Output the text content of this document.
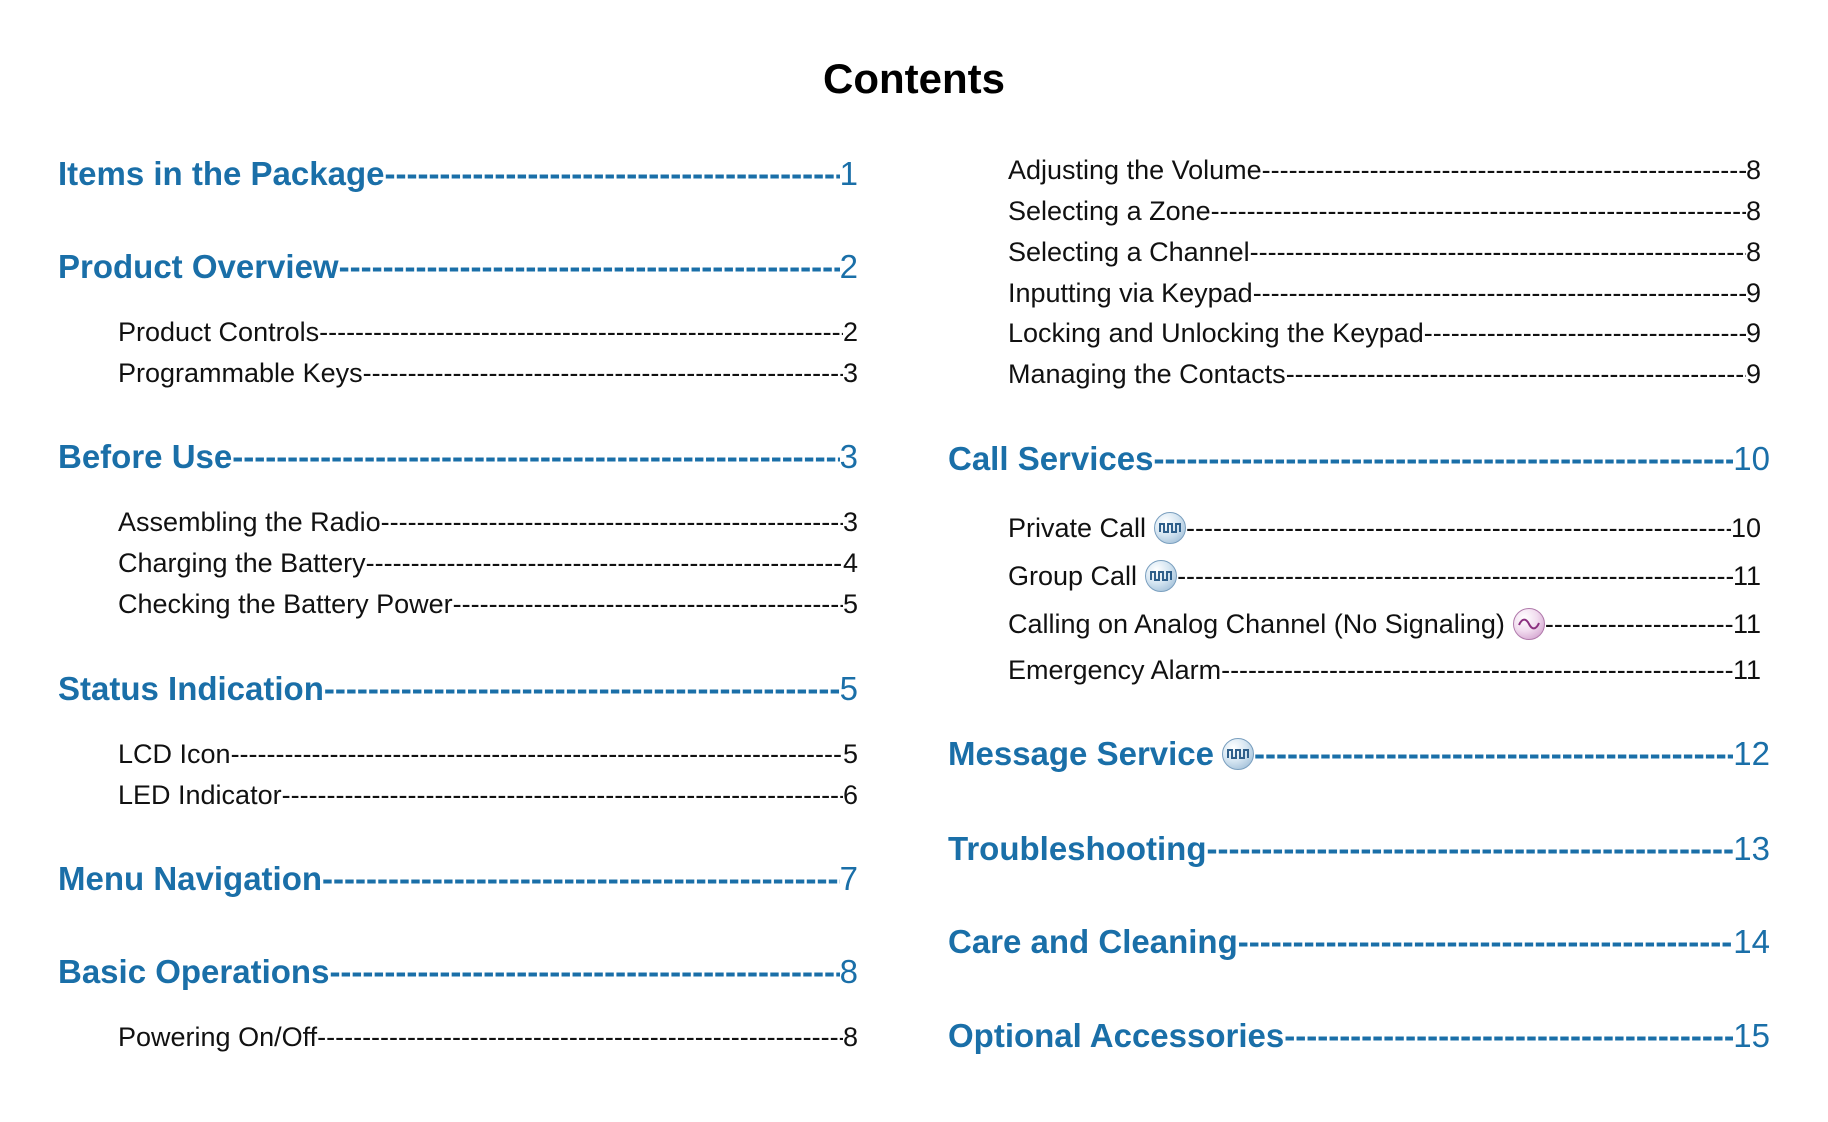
Contents
Items in the Package -----	1
Product Overview -----	2
Product Controls -----	2
Programmable Keys -----	3
Before Use -----	3
Assembling the Radio -----	3
Charging the Battery -----	4
Checking the Battery Power -----	5
Status Indication -----	5
LCD Icon -----	5
LED Indicator -----	6
Menu Navigation -----	7
Basic Operations -----	8
Powering On/Off -----	8
Adjusting the Volume -----	8
Selecting a Zone -----	8
Selecting a Channel -----	8
Inputting via Keypad -----	9
Locking and Unlocking the Keypad -----	9
Managing the Contacts -----	9
Call Services -----	10
Private Call -----	10
Group Call -----	11
Calling on Analog Channel (No Signaling) -----	11
Emergency Alarm -----	11
Message Service -----	12
Troubleshooting -----	13
Care and Cleaning -----	14
Optional Accessories -----	15
